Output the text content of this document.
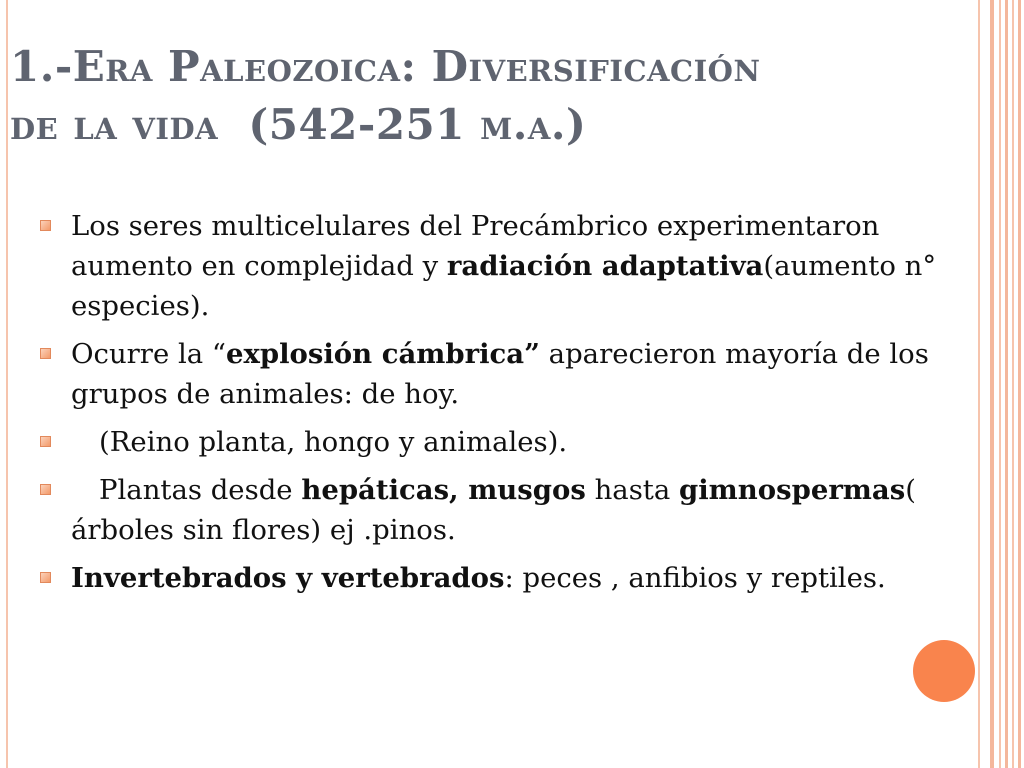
1.-Era Paleozoica: Diversificación
de la vida  (542-251 m.a.)
Los seres multicelulares del Precámbrico experimentaron aumento en complejidad y radiación adaptativa(aumento n° especies).
Ocurre la “explosión cámbrica” aparecieron mayoría de los grupos de animales: de hoy.
(Reino planta, hongo y animales).
Plantas desde hepáticas, musgos hasta gimnospermas( árboles sin flores) ej .pinos.
Invertebrados y vertebrados: peces , anfibios y reptiles.
